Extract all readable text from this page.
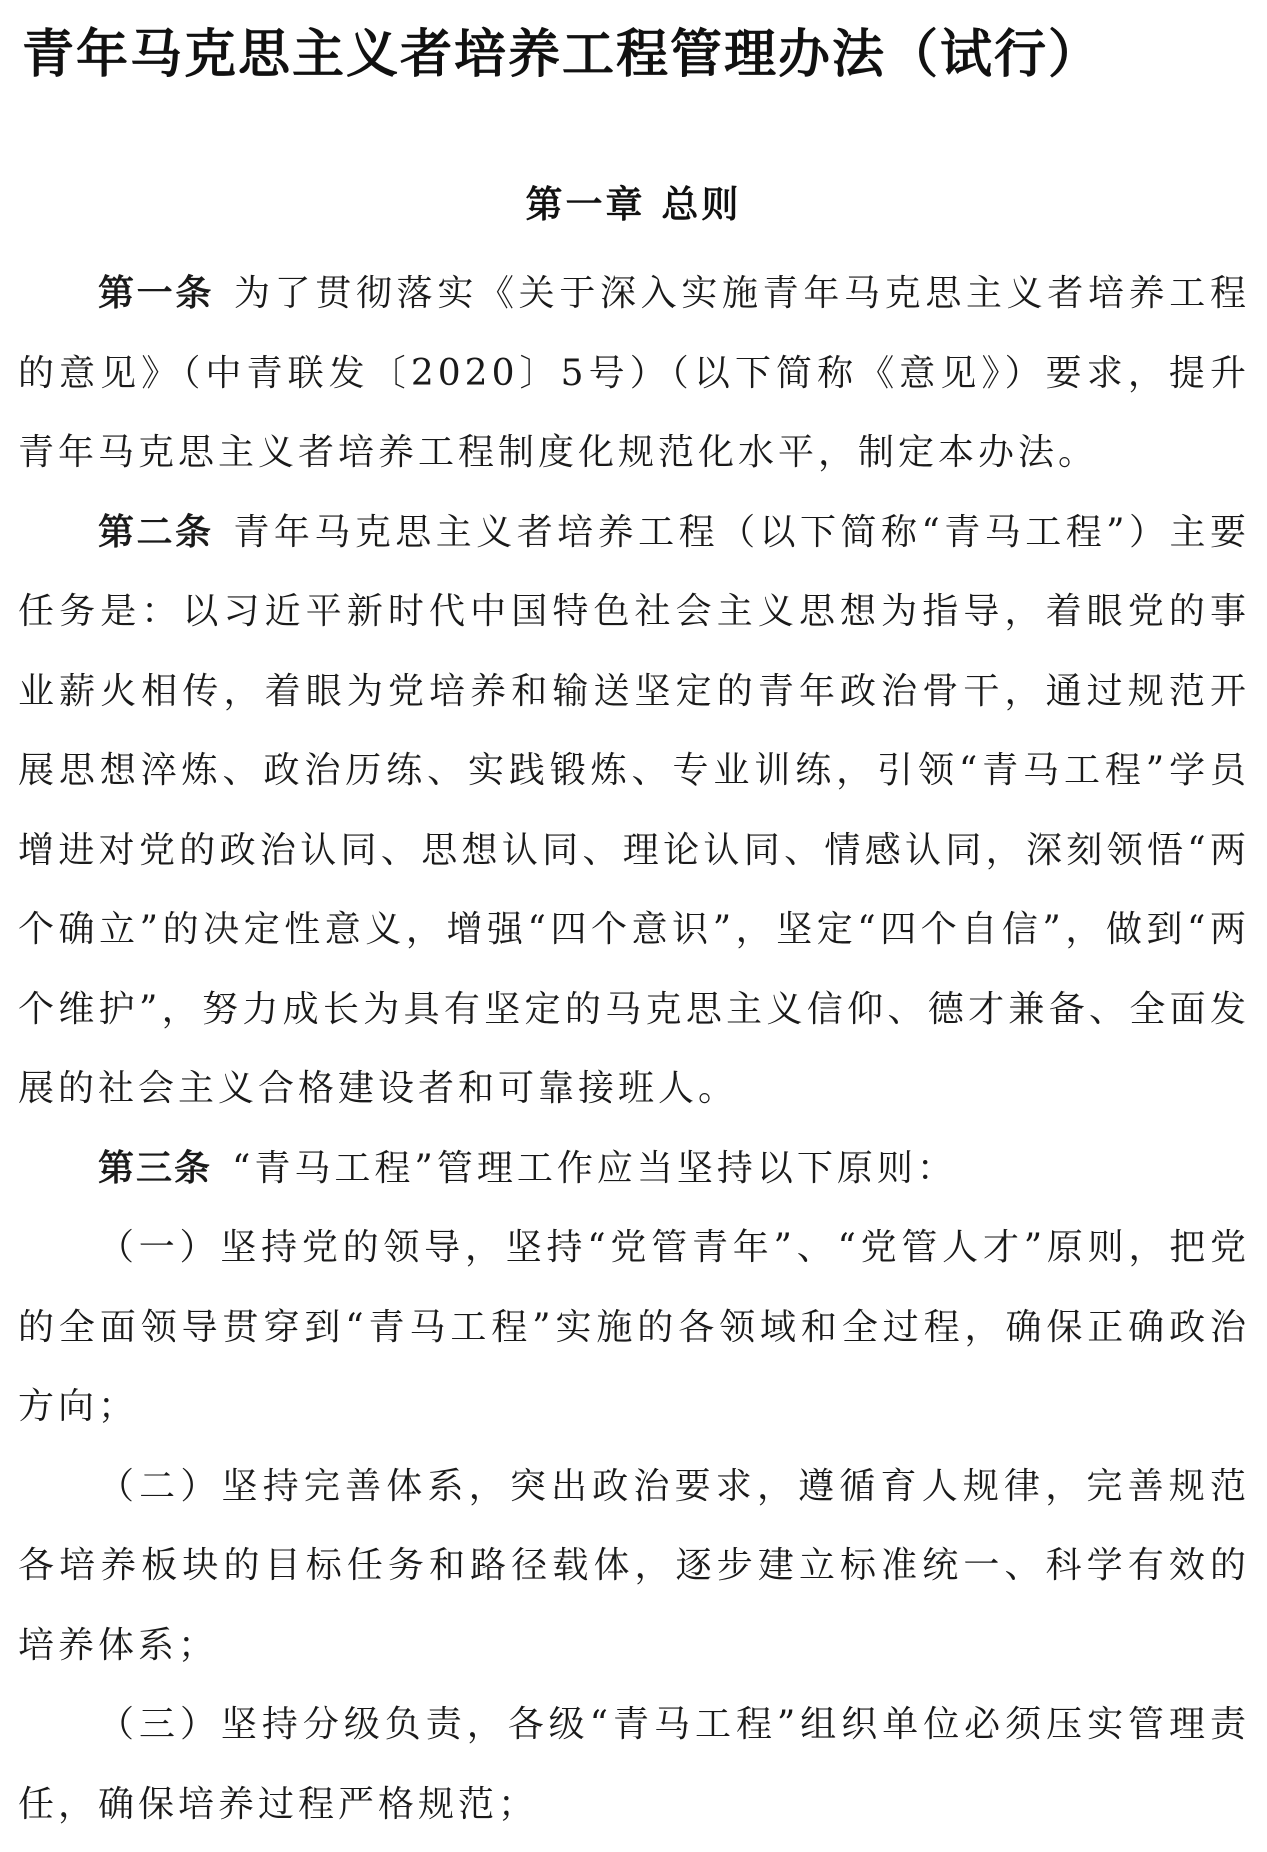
青年马克思主义者培养工程管理办法（试行）
第一章 总则

第一条 为了贯彻落实《关于深入实施青年马克思主义者培养工程的意见》（中青联发〔2020〕5号）（以下简称《意见》）要求，提升青年马克思主义者培养工程制度化规范化水平，制定本办法。

第二条 青年马克思主义者培养工程（以下简称“青马工程”）主要任务是：以习近平新时代中国特色社会主义思想为指导，着眼党的事业薪火相传，着眼为党培养和输送坚定的青年政治骨干，通过规范开展思想淬炼、政治历练、实践锻炼、专业训练，引领“青马工程”学员增进对党的政治认同、思想认同、理论认同、情感认同，深刻领悟“两个确立”的决定性意义，增强“四个意识”，坚定“四个自信”，做到“两个维护”，努力成长为具有坚定的马克思主义信仰、德才兼备、全面发展的社会主义合格建设者和可靠接班人。

第三条 “青马工程”管理工作应当坚持以下原则：

（一）坚持党的领导，坚持“党管青年”、“党管人才”原则，把党的全面领导贯穿到“青马工程”实施的各领域和全过程，确保正确政治方向；

（二）坚持完善体系，突出政治要求，遵循育人规律，完善规范各培养板块的目标任务和路径载体，逐步建立标准统一、科学有效的培养体系；

（三）坚持分级负责，各级“青马工程”组织单位必须压实管理责任，确保培养过程严格规范；
